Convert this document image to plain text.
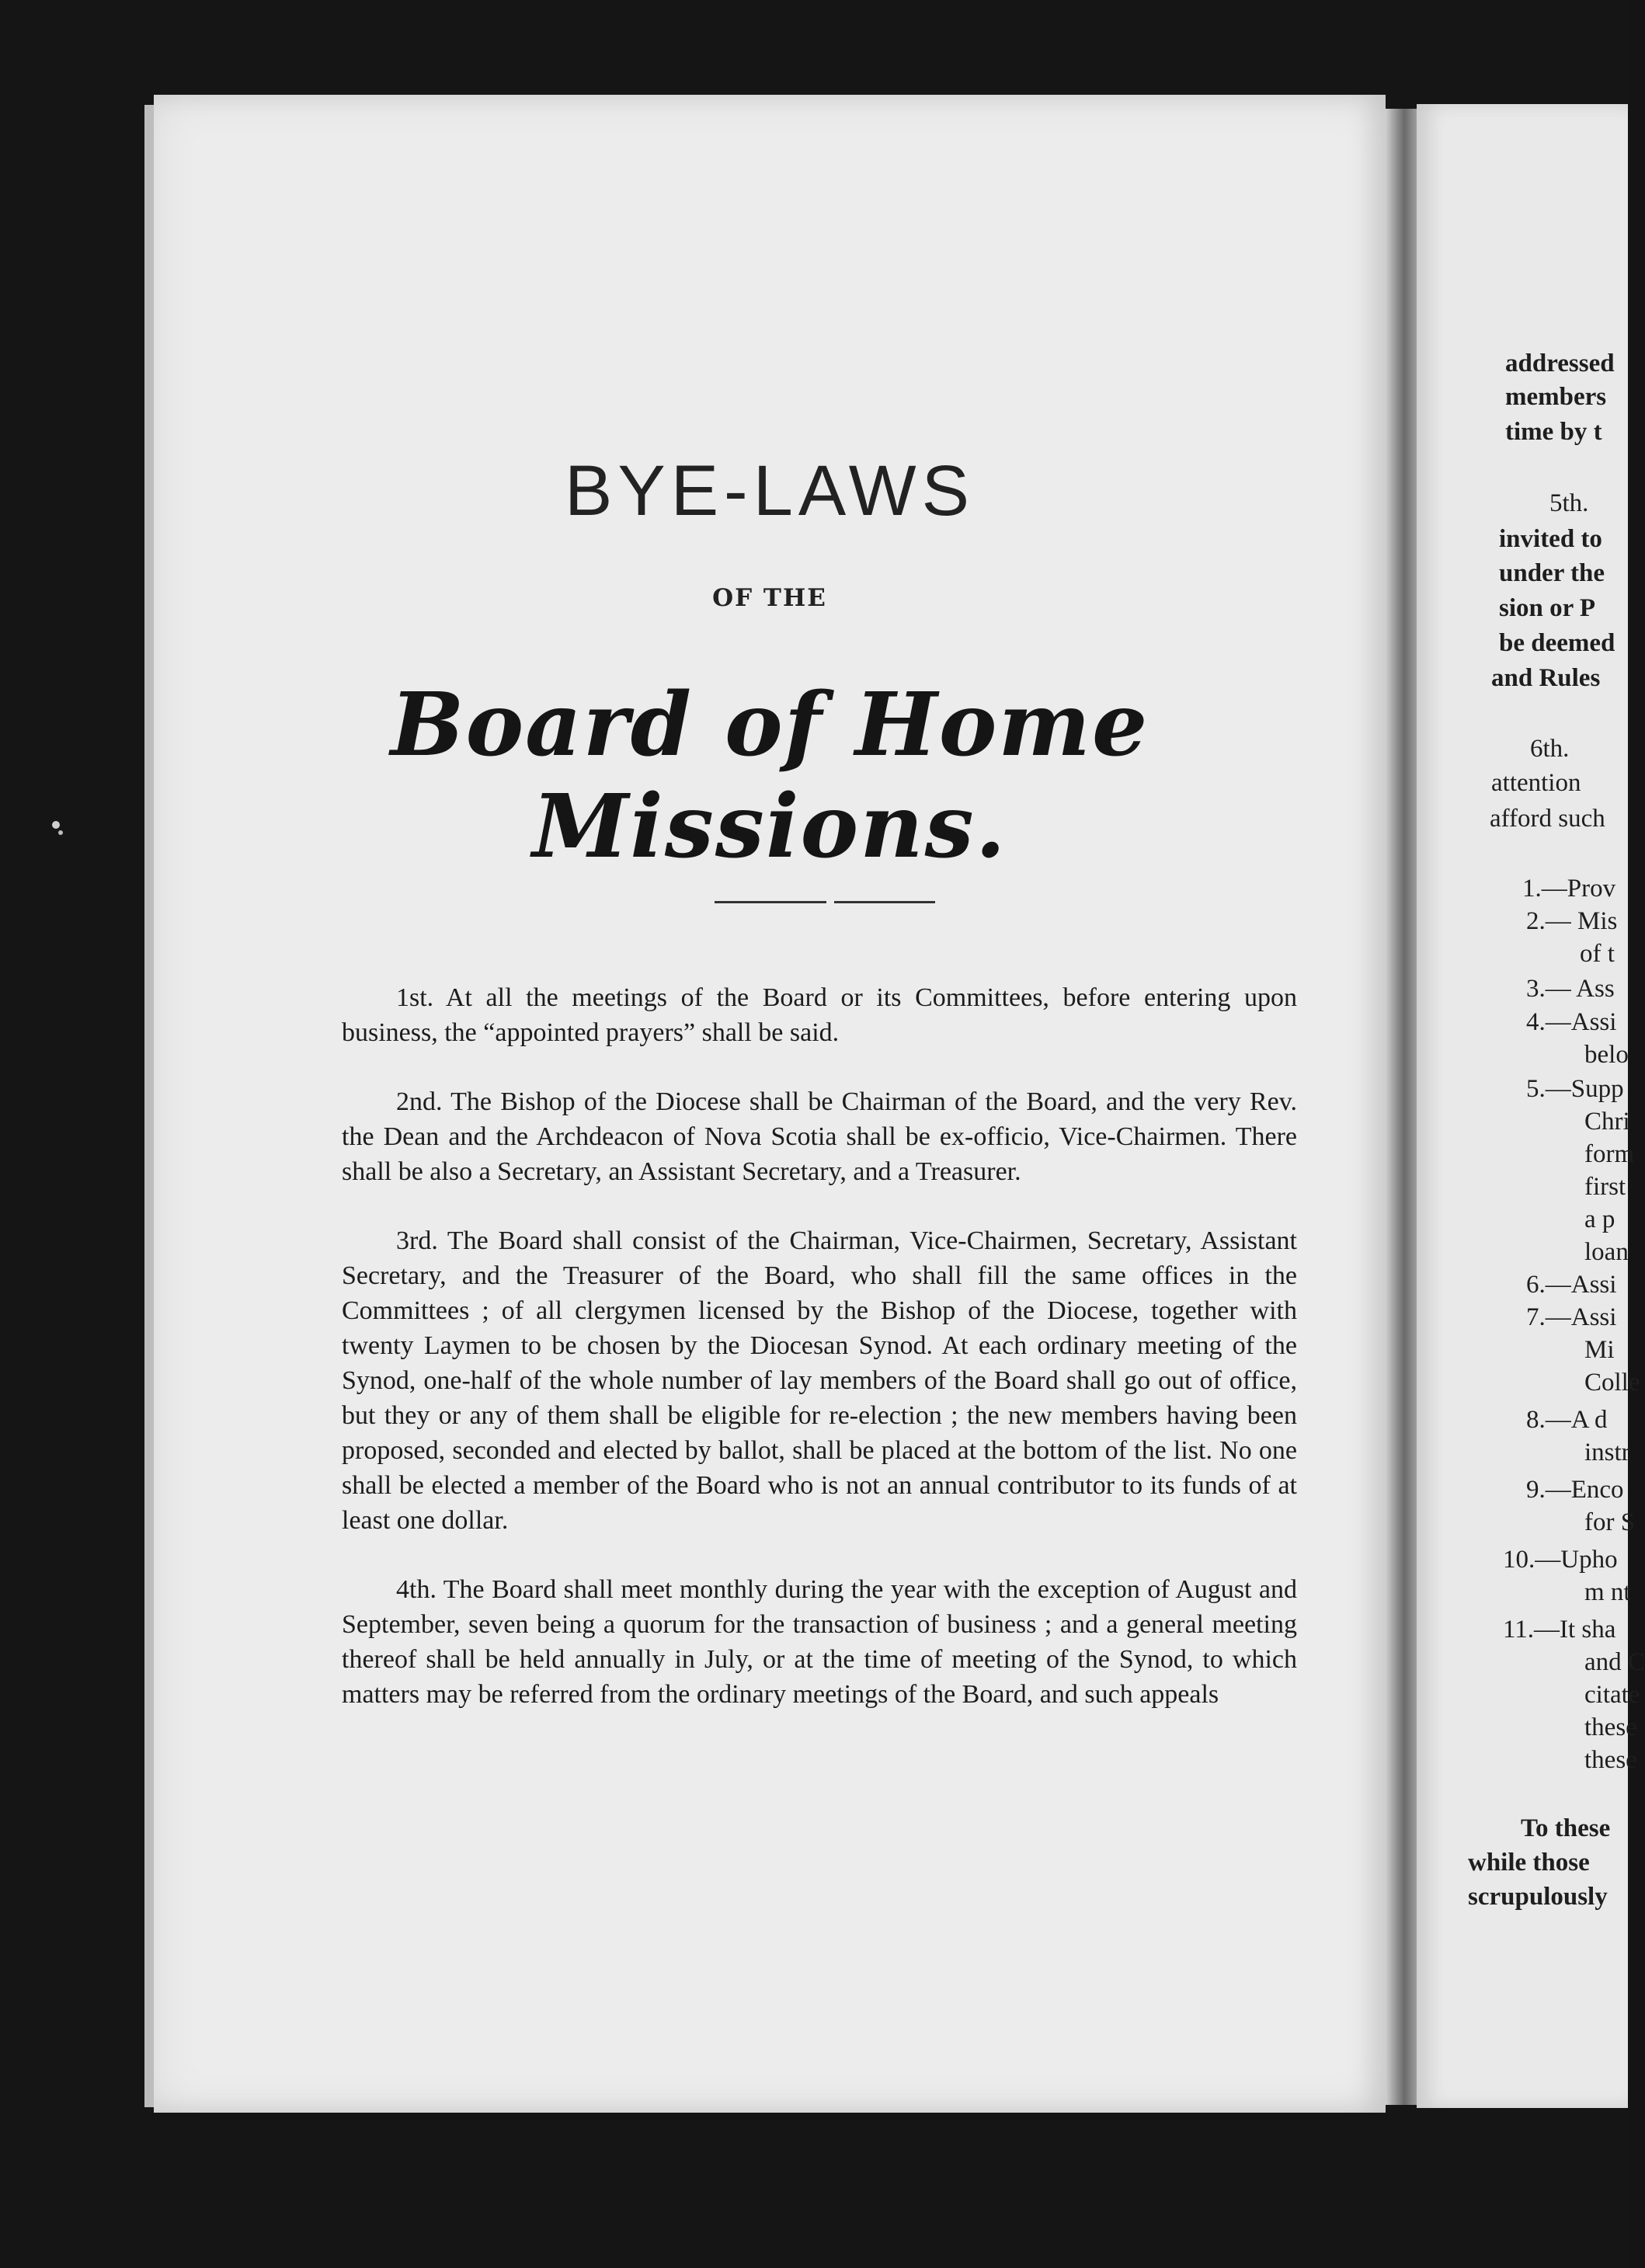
BYE-LAWS
OF THE
Board of Home Missions.

1st. At all the meetings of the Board or its Committees, before entering upon business, the “appointed prayers” shall be said.

2nd. The Bishop of the Diocese shall be Chairman of the Board, and the very Rev. the Dean and the Archdeacon of Nova Scotia shall be ex-officio, Vice-Chairmen. There shall be also a Secretary, an Assistant Secretary, and a Treasurer.

3rd. The Board shall consist of the Chairman, Vice-Chairmen, Secretary, Assistant Secretary, and the Treasurer of the Board, who shall fill the same offices in the Committees ; of all clergymen licensed by the Bishop of the Diocese, together with twenty Laymen to be chosen by the Diocesan Synod. At each ordinary meeting of the Synod, one-half of the whole number of lay members of the Board shall go out of office, but they or any of them shall be eligible for re-election ; the new members having been proposed, seconded and elected by ballot, shall be placed at the bottom of the list. No one shall be elected a member of the Board who is not an annual contributor to its funds of at least one dollar.

4th. The Board shall meet monthly during the year with the exception of August and September, seven being a quorum for the transaction of business ; and a general meeting thereof shall be held annually in July, or at the time of meeting of the Synod, to which matters may be referred from the ordinary meetings of the Board, and such appeals

addressed
members
time by t
5th.
invited to
under the
sion or P
be deemed
and Rules
6th.
attention
afford such
1.—Prov
2.— Mis
of t
3.— Ass
4.—Assi
belo
5.—Supp
Chri
form
first
a p
loan
6.—Assi
7.—Assi
Mi
Colle
8.—A d
instr
9.—Enco
for S
10.—Upho
m nt
11.—It sha
and C
citate
these
these
To these
while those
scrupulously
